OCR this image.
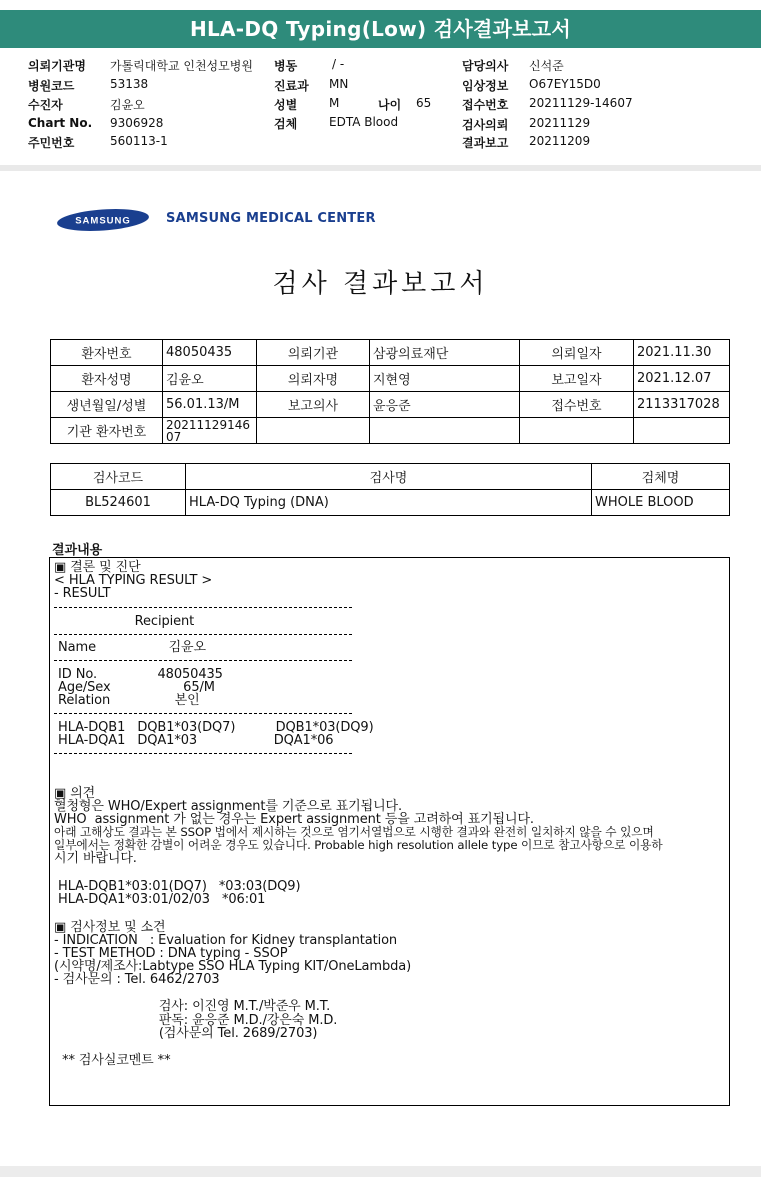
HLA-DQ Typing(Low) 검사결과보고서
의뢰기관명 가톨릭대학교 인천성모병원 병동	/ -	담당의사 신석준
병원코드	53138	진료과 MN	임상정보 O67EY15D0
수진자	김윤오	성별	M	나이 65	접수번호 20211129-14607
Chart No. 9306928	검체	EDTA Blood	검사의뢰 20211129
주민번호	560113-1	결과보고 20211209
SAMSUNG	SAMSUNG MEDICAL CENTER
검사 결과보고서
환자번호	48050435	의뢰기관	삼광의료재단	의뢰일자	2021.11.30
환자성명	김윤오	의뢰자명	지현영	보고일자	2021.12.07
생년월일/성별	56.01.13/M	보고의사	윤응준	접수번호	2113317028
기관 환자번호	20211129146
07				
검사코드	검사명	검체명
BL524601	HLA-DQ Typing (DNA)	WHOLE BLOOD
결과내용
▣ 결론 및 진단
< HLA TYPING RESULT >
- RESULT
Recipient
Name                  김윤오
ID No.               48050435
Age/Sex                  65/M
Relation                본인
HLA-DQB1   DQB1*03(DQ7)          DQB1*03(DQ9)
HLA-DQA1   DQA1*03                   DQA1*06
▣ 의견
혈청형은 WHO/Expert assignment를 기준으로 표기됩니다.
WHO  assignment 가 없는 경우는 Expert assignment 등을 고려하여 표기됩니다.
아래 고해상도 결과는 본 SSOP 법에서 제시하는 것으로 염기서열법으로 시행한 결과와 완전히 일치하지 않을 수 있으며
일부에서는 정확한 감별이 어려운 경우도 있습니다. Probable high resolution allele type 이므로 참고사항으로 이용하
시기 바랍니다.
HLA-DQB1*03:01(DQ7)   *03:03(DQ9)
HLA-DQA1*03:01/02/03   *06:01
▣ 검사정보 및 소견
- INDICATION   : Evaluation for Kidney transplantation
- TEST METHOD : DNA typing - SSOP
(시약명/제조사:Labtype SSO HLA Typing KIT/OneLambda)
- 검사문의 : Tel. 6462/2703
검사: 이진영 M.T./박준우 M.T.
판독: 윤응준 M.D./강은숙 M.D.
(검사문의 Tel. 2689/2703)
** 검사실코멘트 **
